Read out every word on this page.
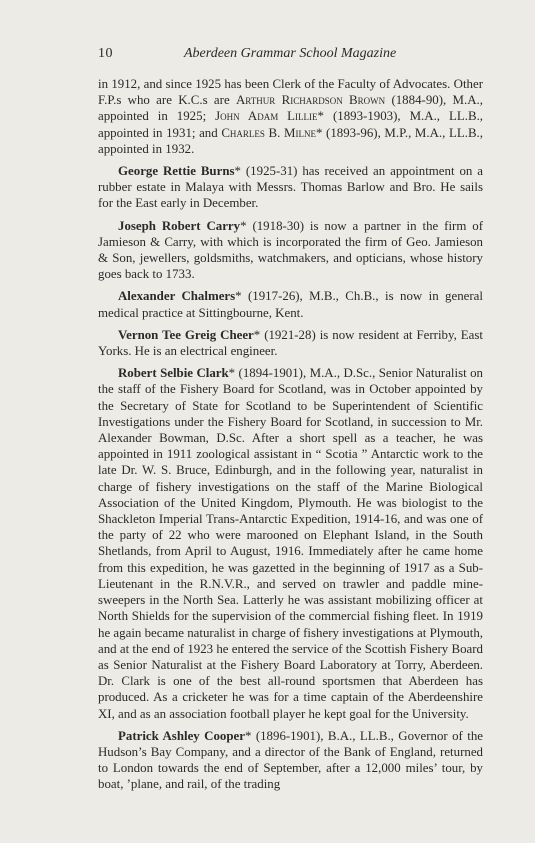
10	Aberdeen Grammar School Magazine

in 1912, and since 1925 has been Clerk of the Faculty of Advocates. Other F.P.s who are K.C.s are Arthur Richardson Brown (1884-90), M.A., appointed in 1925; John Adam Lillie* (1893-1903), M.A., LL.B., appointed in 1931; and Charles B. Milne* (1893-96), M.P., M.A., LL.B., appointed in 1932.

George Rettie Burns* (1925-31) has received an appointment on a rubber estate in Malaya with Messrs. Thomas Barlow and Bro. He sails for the East early in December.

Joseph Robert Carry* (1918-30) is now a partner in the firm of Jamieson & Carry, with which is incorporated the firm of Geo. Jamieson & Son, jewellers, goldsmiths, watchmakers, and opticians, whose history goes back to 1733.

Alexander Chalmers* (1917-26), M.B., Ch.B., is now in general medical practice at Sittingbourne, Kent.

Vernon Tee Greig Cheer* (1921-28) is now resident at Ferriby, East Yorks. He is an electrical engineer.

Robert Selbie Clark* (1894-1901), M.A., D.Sc., Senior Naturalist on the staff of the Fishery Board for Scotland, was in October appointed by the Secretary of State for Scotland to be Superintendent of Scientific Investigations under the Fishery Board for Scotland, in succession to Mr. Alexander Bowman, D.Sc. After a short spell as a teacher, he was appointed in 1911 zoological assistant in “ Scotia ” Antarctic work to the late Dr. W. S. Bruce, Edinburgh, and in the following year, naturalist in charge of fishery investigations on the staff of the Marine Biological Association of the United Kingdom, Plymouth. He was biologist to the Shackleton Imperial Trans-Antarctic Expedition, 1914-16, and was one of the party of 22 who were marooned on Elephant Island, in the South Shetlands, from April to August, 1916. Immediately after he came home from this expedition, he was gazetted in the beginning of 1917 as a Sub-Lieutenant in the R.N.V.R., and served on trawler and paddle mine-sweepers in the North Sea. Latterly he was assistant mobilizing officer at North Shields for the supervision of the commercial fishing fleet. In 1919 he again became naturalist in charge of fishery investigations at Plymouth, and at the end of 1923 he entered the service of the Scottish Fishery Board as Senior Naturalist at the Fishery Board Laboratory at Torry, Aberdeen. Dr. Clark is one of the best all-round sportsmen that Aberdeen has produced. As a cricketer he was for a time captain of the Aberdeenshire XI, and as an association football player he kept goal for the University.

Patrick Ashley Cooper* (1896-1901), B.A., LL.B., Governor of the Hudson’s Bay Company, and a director of the Bank of England, returned to London towards the end of September, after a 12,000 miles’ tour, by boat, ’plane, and rail, of the trading
